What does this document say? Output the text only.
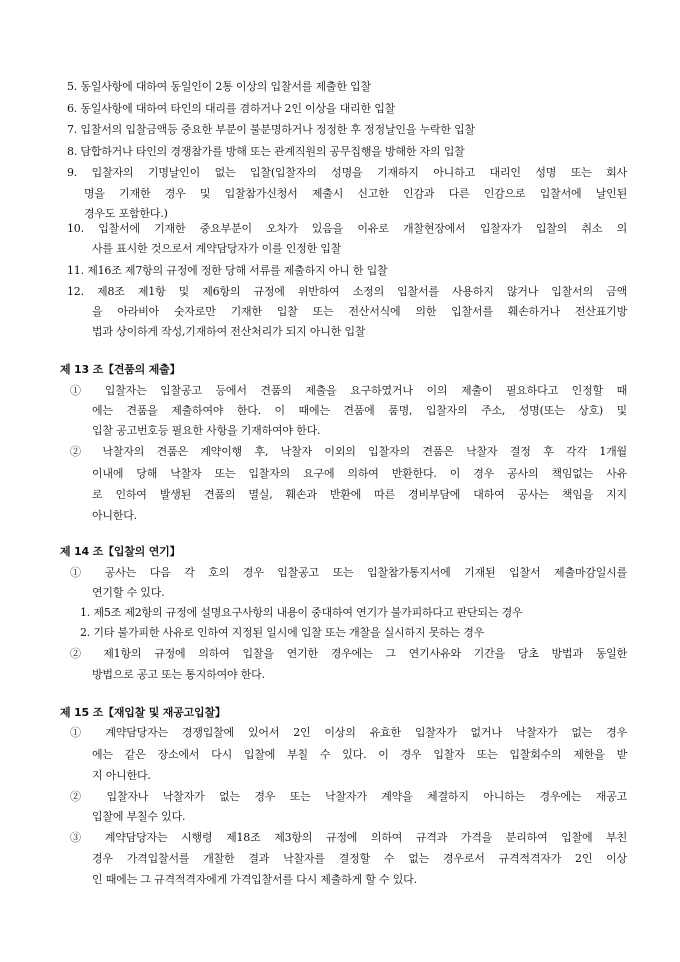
5. 동일사항에 대하여 동일인이 2통 이상의 입찰서를 제출한 입찰
6. 동일사항에 대하여 타인의 대리를 겸하거나 2인 이상을 대리한 입찰
7. 입찰서의 입찰금액등 중요한 부분이 불분명하거나 정정한 후 정정날인을 누락한 입찰
8. 담합하거나 타인의 경쟁참가를 방해 또는 관계직원의 공무집행을 방해한 자의 입찰
9. 입찰자의 기명날인이 없는 입찰(입찰자의 성명을 기재하지 아니하고 대리인 성명 또는 회사
명을 기재한 경우 및 입찰참가신청서 제출시 신고한 인감과 다른 인감으로 입찰서에 날인된
경우도 포함한다.)
10. 입찰서에 기재한 중요부분이 오차가 있음을 이유로 개찰현장에서 입찰자가 입찰의 취소 의
사를 표시한 것으로서 계약담당자가 이를 인정한 입찰
11. 제16조 제7항의 규정에 정한 당해 서류를 제출하지 아니 한 입찰
12. 제8조 제1항 및 제6항의 규정에 위반하여 소정의 입찰서를 사용하지 않거나 입찰서의 금액
을 아라비아 숫자로만 기재한 입찰 또는 전산서식에 의한 입찰서를 훼손하거나 전산표기방
법과 상이하게 작성,기재하여 전산처리가 되지 아니한 입찰
제 13 조【견품의 제출】
① 입찰자는 입찰공고 등에서 견품의 제출을 요구하였거나 이의 제출이 필요하다고 인정할 때
에는 견품을 제출하여야 한다. 이 때에는 견품에 품명, 입찰자의 주소, 성명(또는 상호) 및
입찰 공고번호등 필요한 사항을 기재하여야 한다.
② 낙찰자의 견품은 계약이행 후, 낙찰자 이외의 입찰자의 견품은 낙찰자 결정 후 각각 1개월
이내에 당해 낙찰자 또는 입찰자의 요구에 의하여 반환한다. 이 경우 공사의 책임없는 사유
로 인하여 발생된 견품의 멸실, 훼손과 반환에 따른 경비부담에 대하여 공사는 책임을 지지
아니한다.
제 14 조【입찰의 연기】
① 공사는 다음 각 호의 경우 입찰공고 또는 입찰참가통지서에 기재된 입찰서 제출마감일시를
연기할 수 있다.
1. 제5조 제2항의 규정에 설명요구사항의 내용이 중대하여 연기가 불가피하다고 판단되는 경우
2. 기타 불가피한 사유로 인하여 지정된 일시에 입찰 또는 개찰을 실시하지 못하는 경우
② 제1항의 규정에 의하여 입찰을 연기한 경우에는 그 연기사유와 기간을 당초 방법과 동일한
방법으로 공고 또는 통지하여야 한다.
제 15 조【재입찰 및 재공고입찰】
① 계약담당자는 경쟁입찰에 있어서 2인 이상의 유효한 입찰자가 없거나 낙찰자가 없는 경우
에는 같은 장소에서 다시 입찰에 부칠 수 있다. 이 경우 입찰자 또는 입찰회수의 제한을 받
지 아니한다.
② 입찰자나 낙찰자가 없는 경우 또는 낙찰자가 계약을 체결하지 아니하는 경우에는 재공고
입찰에 부칠수 있다.
③ 계약담당자는 시행령 제18조 제3항의 규정에 의하여 규격과 가격을 분리하여 입찰에 부친
경우 가격입찰서를 개찰한 결과 낙찰자를 결정할 수 없는 경우로서 규격적격자가 2인 이상
인 때에는 그 규격적격자에게 가격입찰서를 다시 제출하게 할 수 있다.
